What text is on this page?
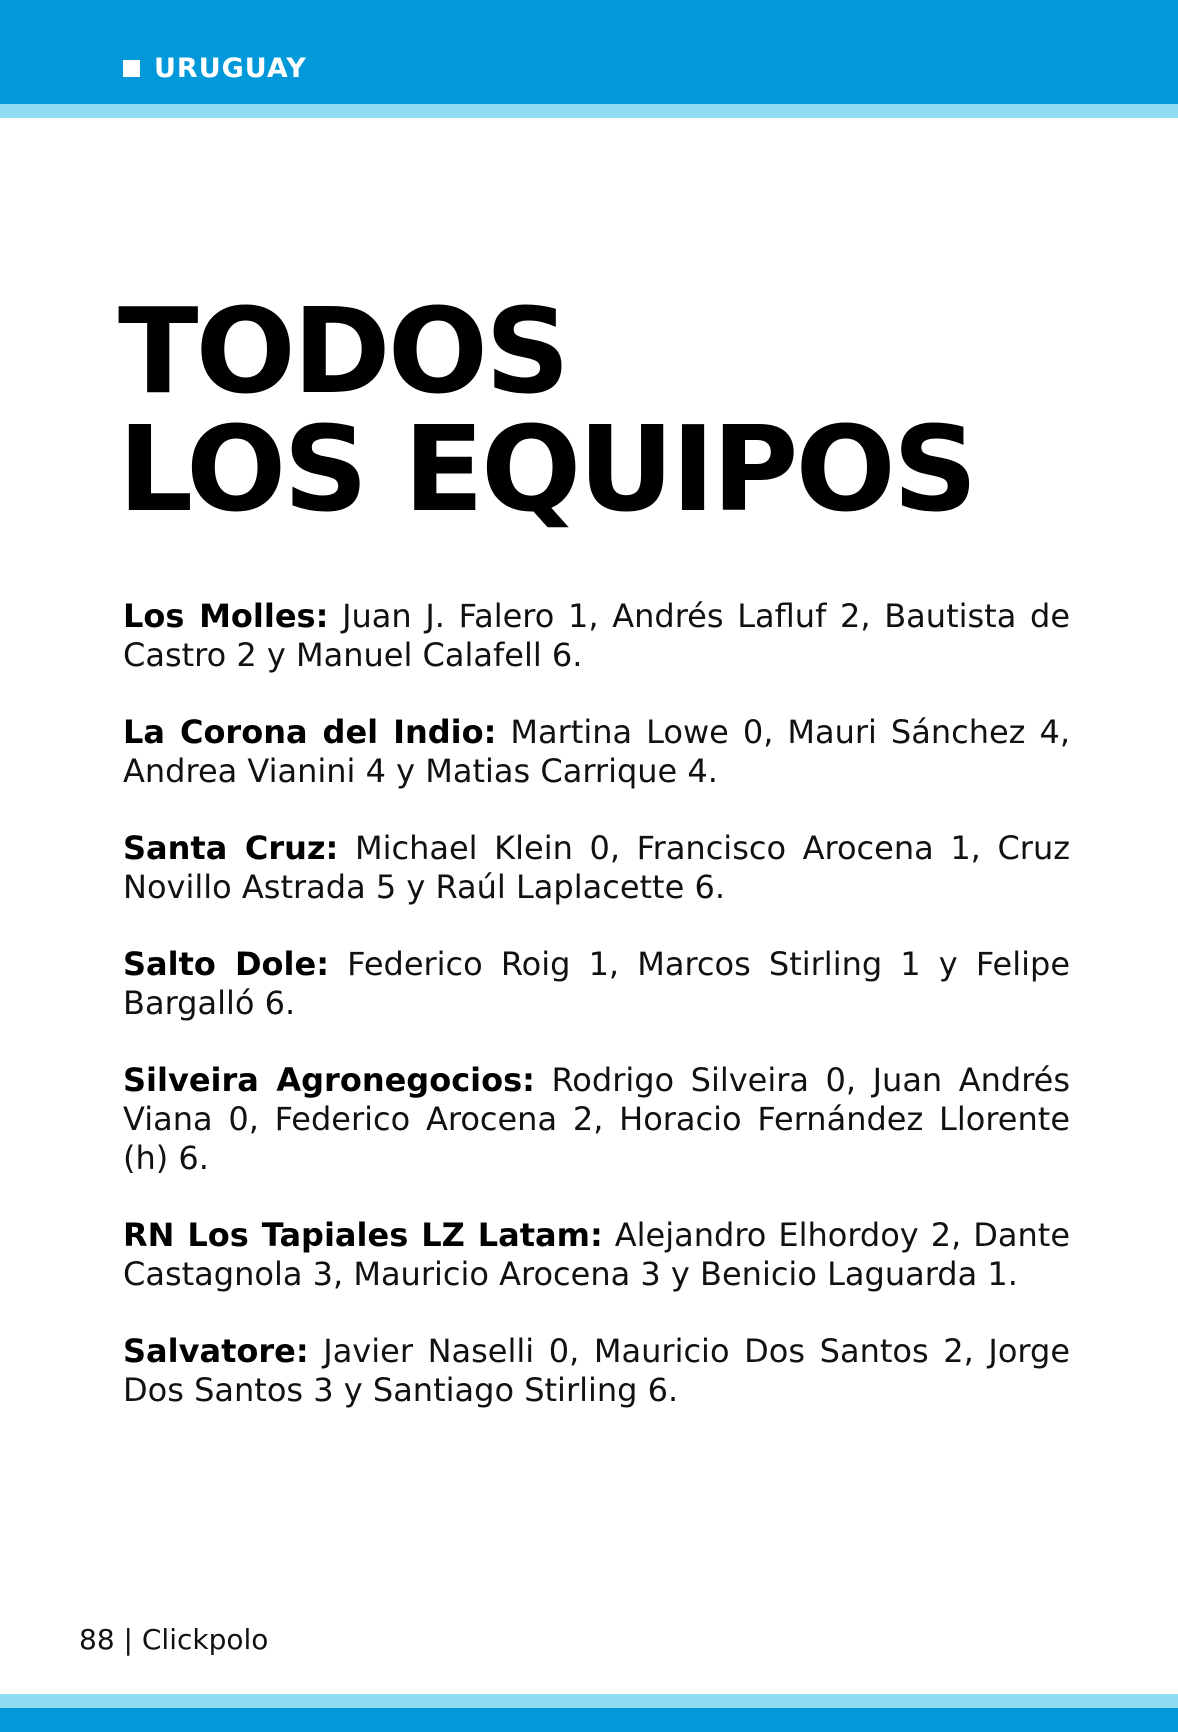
URUGUAY
TODOS
LOS EQUIPOS

Los Molles: Juan J. Falero 1, Andrés Lafluf 2, Bautista de Castro 2 y Manuel Calafell 6.

La Corona del Indio: Martina Lowe 0, Mauri Sánchez 4, Andrea Vianini 4 y Matias Carrique 4.

Santa Cruz: Michael Klein 0, Francisco Arocena 1, Cruz Novillo Astrada 5 y Raúl Laplacette 6.

Salto Dole: Federico Roig 1, Marcos Stirling 1 y Felipe Bargalló 6.

Silveira Agronegocios: Rodrigo Silveira 0, Juan Andrés Viana 0, Federico Arocena 2, Horacio Fernández Llorente (h) 6.

RN Los Tapiales LZ Latam: Alejandro Elhordoy 2, Dante Castagnola 3, Mauricio Arocena 3 y Benicio Laguarda 1.

Salvatore: Javier Naselli 0, Mauricio Dos Santos 2, Jorge Dos Santos 3 y Santiago Stirling 6.

88 | Clickpolo
